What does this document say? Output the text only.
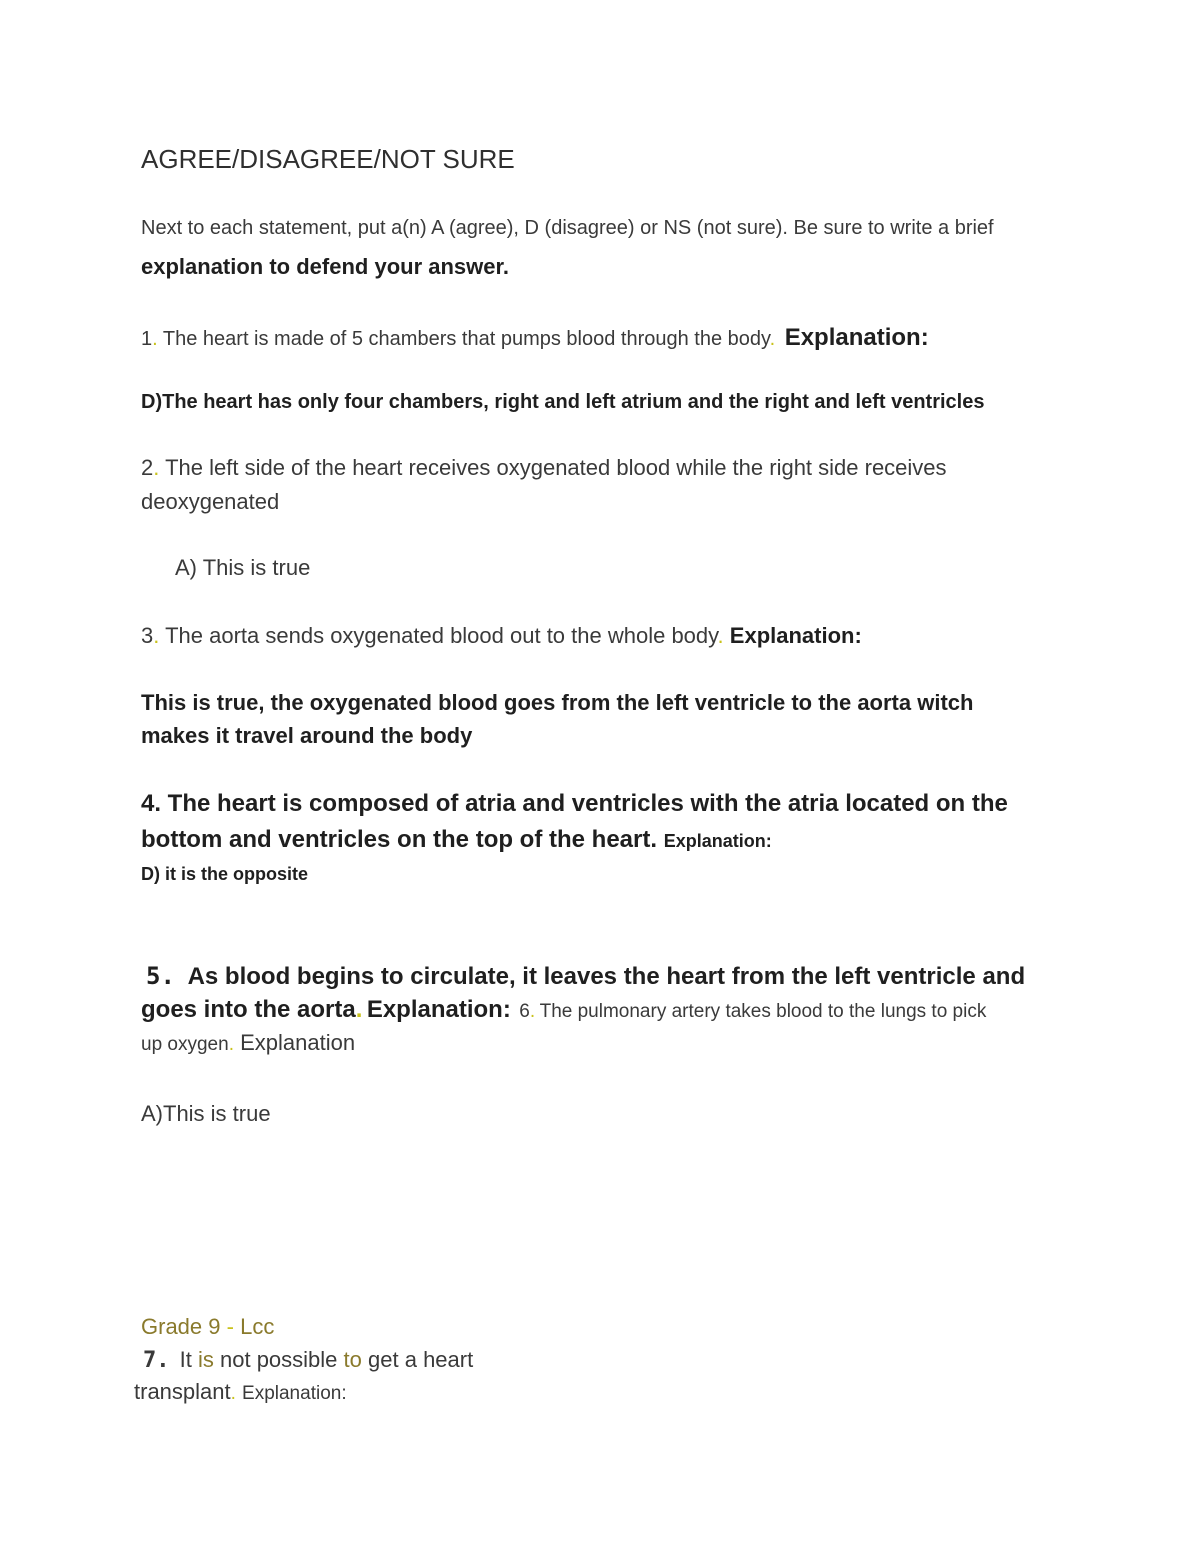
AGREE/DISAGREE/NOT SURE
Next to each statement, put a(n) A (agree), D (disagree) or NS (not sure). Be sure to write a brief
explanation to defend your answer.
1. The heart is made of 5 chambers that pumps blood through the body. Explanation:
D)The heart has only four chambers, right and left atrium and the right and left ventricles
2. The left side of the heart receives oxygenated blood while the right side receives
deoxygenated
A) This is true
3. The aorta sends oxygenated blood out to the whole body. Explanation:
This is true, the oxygenated blood goes from the left ventricle to the aorta witch
makes it travel around the body
4. The heart is composed of atria and ventricles with the atria located on the
bottom and ventricles on the top of the heart. Explanation:
D) it is the opposite
5. As blood begins to circulate, it leaves the heart from the left ventricle and
goes into the aorta. Explanation: 6. The pulmonary artery takes blood to the lungs to pick
up oxygen. Explanation
A)This is true
Grade 9 - Lcc
7. It is not possible to get a heart
transplant. Explanation:
